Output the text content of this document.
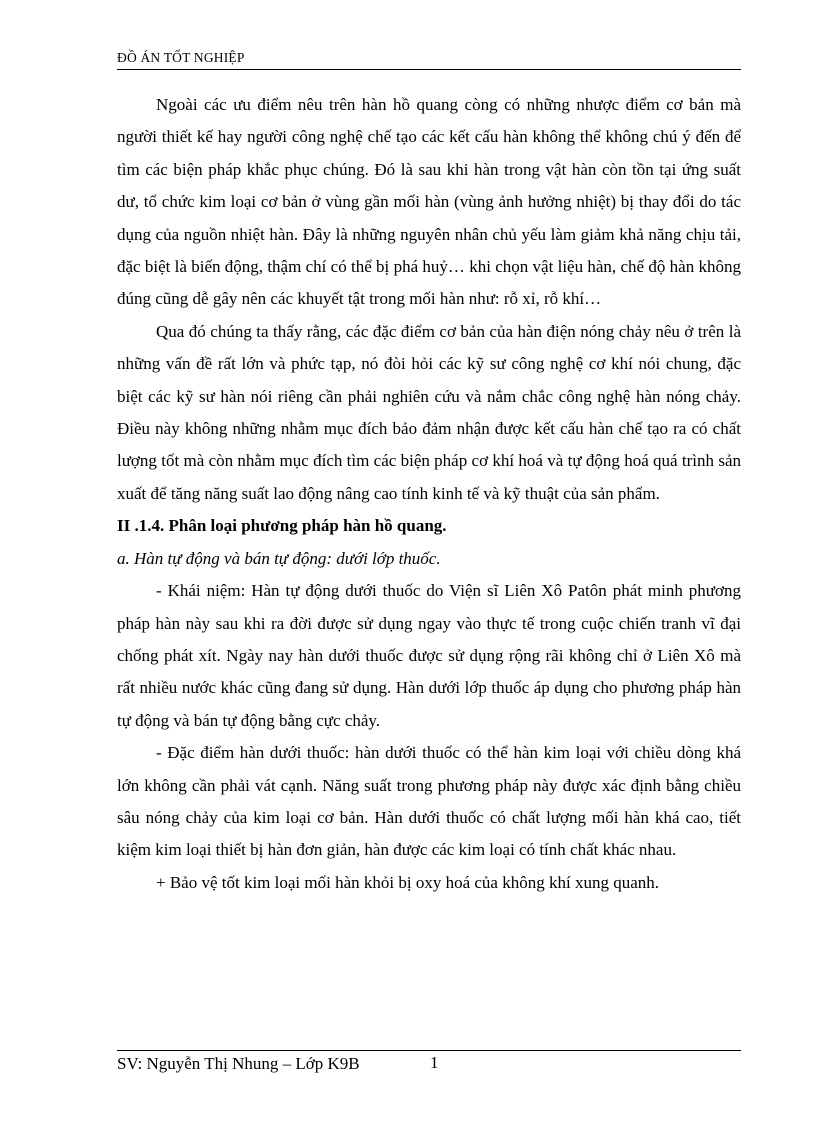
ĐỒ ÁN TỐT NGHIỆP

Ngoài các ưu điểm nêu trên hàn hồ quang còng có những nhược điểm cơ bản mà người thiết kế hay người công nghệ chế tạo các kết cấu hàn không thể không chú ý đến để tìm các biện pháp khắc phục chúng. Đó là sau khi hàn trong vật hàn còn tồn tại ứng suất dư, tổ chức kim loại cơ bản ở vùng gần mối hàn (vùng ảnh hưởng nhiệt) bị thay đổi do tác dụng của nguồn nhiệt hàn. Đây là những nguyên nhân chủ yếu làm giảm khả năng chịu tải, đặc biệt là biến động, thậm chí có thể bị phá huỷ… khi chọn vật liệu hàn, chế độ hàn không đúng cũng dễ gây nên các khuyết tật trong mối hàn như: rỗ xỉ, rỗ khí…

Qua đó chúng ta thấy rằng, các đặc điểm cơ bản của hàn điện nóng chảy nêu ở trên là những vấn đề rất lớn và phức tạp, nó đòi hỏi các kỹ sư công nghệ cơ khí nói chung, đặc biệt các kỹ sư hàn nói riêng cần phải nghiên cứu và nắm chắc công nghệ hàn nóng chảy. Điều này không những nhằm mục đích bảo đảm nhận được kết cấu hàn chế tạo ra có chất lượng tốt mà còn nhằm mục đích tìm các biện pháp cơ khí hoá và tự động hoá quá trình sản xuất để tăng năng suất lao động nâng cao tính kinh tế và kỹ thuật của sản phẩm.

II .1.4. Phân loại phương pháp hàn hồ quang.

a. Hàn tự động và bán tự động: dưới lớp thuốc.

- Khái niệm: Hàn tự động dưới thuốc do Viện sĩ Liên Xô Patôn phát minh phương pháp hàn này sau khi ra đời được sử dụng ngay vào thực tế trong cuộc chiến tranh vĩ đại chống phát xít. Ngày nay hàn dưới thuốc được sử dụng rộng rãi không chỉ ở Liên Xô mà rất nhiều nước khác cũng đang sử dụng. Hàn dưới lớp thuốc áp dụng cho phương pháp hàn tự động và bán tự động bằng cực chảy.

- Đặc điểm hàn dưới thuốc: hàn dưới thuốc có thể hàn kim loại với chiều dòng khá lớn không cần phải vát cạnh. Năng suất trong phương pháp này được xác định bằng chiều sâu nóng chảy của kim loại cơ bản. Hàn dưới thuốc có chất lượng mối hàn khá cao, tiết kiệm kim loại thiết bị hàn đơn giản, hàn được các kim loại có tính chất khác nhau.

+ Bảo vệ tốt kim loại mối hàn khỏi bị oxy hoá của không khí xung quanh.

SV: Nguyễn Thị Nhung – Lớp K9B	1
